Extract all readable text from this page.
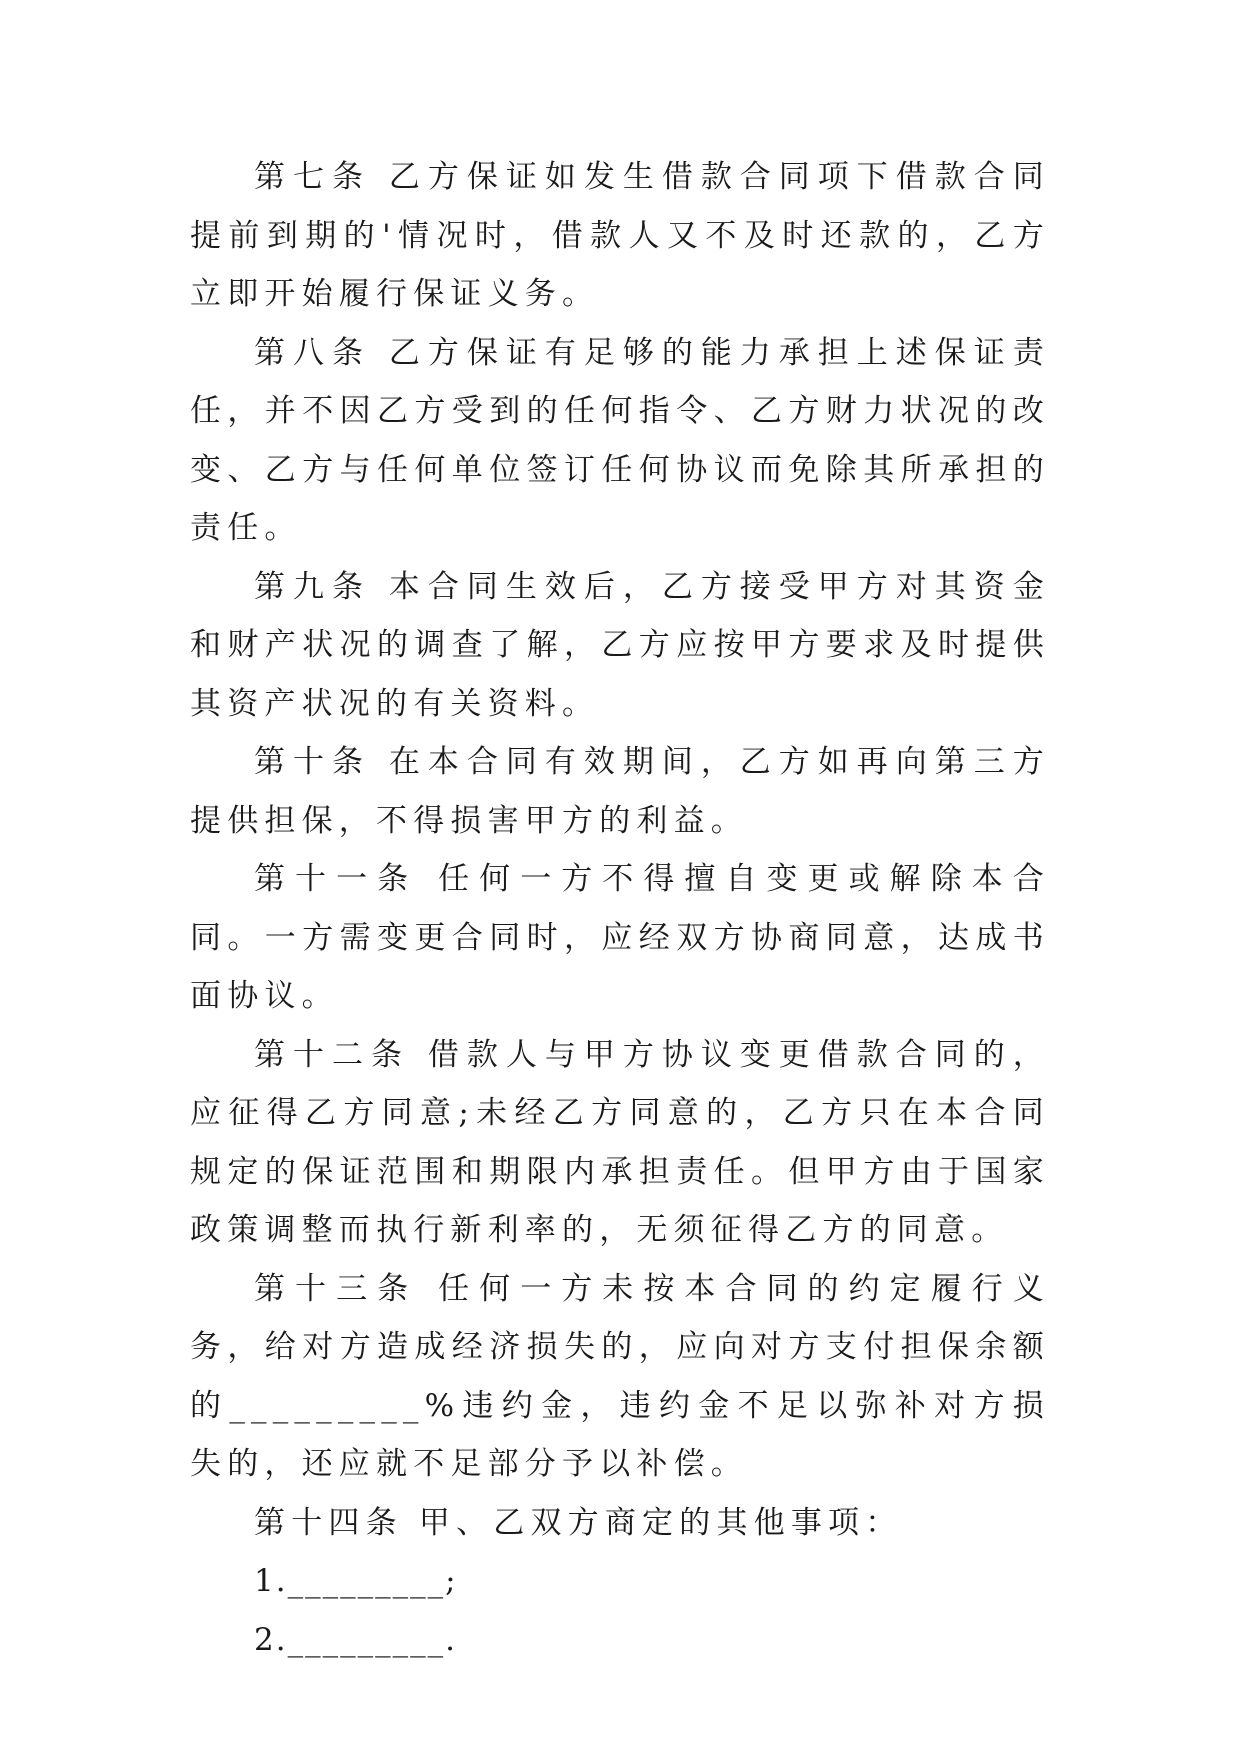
第七条 乙方保证如发生借款合同项下借款合同提前到期的'情况时，借款人又不及时还款的，乙方立即开始履行保证义务。

第八条 乙方保证有足够的能力承担上述保证责任，并不因乙方受到的任何指令、乙方财力状况的改变、乙方与任何单位签订任何协议而免除其所承担的责任。

第九条 本合同生效后，乙方接受甲方对其资金和财产状况的调查了解，乙方应按甲方要求及时提供其资产状况的有关资料。

第十条 在本合同有效期间，乙方如再向第三方提供担保，不得损害甲方的利益。

第十一条 任何一方不得擅自变更或解除本合同。一方需变更合同时，应经双方协商同意，达成书面协议。

第十二条 借款人与甲方协议变更借款合同的，应征得乙方同意;未经乙方同意的，乙方只在本合同规定的保证范围和期限内承担责任。但甲方由于国家政策调整而执行新利率的，无须征得乙方的同意。

第十三条 任何一方未按本合同的约定履行义务，给对方造成经济损失的，应向对方支付担保余额的_________%违约金，违约金不足以弥补对方损失的，还应就不足部分予以补偿。

第十四条 甲、乙双方商定的其他事项：

1._________;

2._________.
